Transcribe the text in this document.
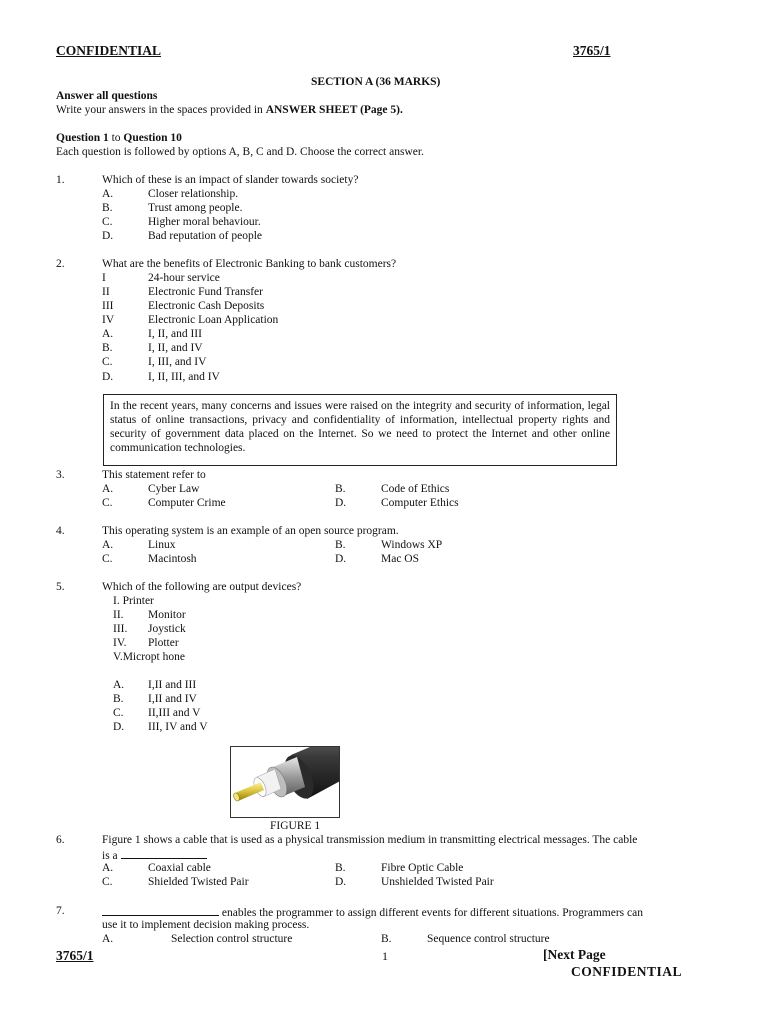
CONFIDENTIAL	3765/1
SECTION A (36 MARKS)
Answer all questions
Write your answers in the spaces provided in ANSWER SHEET (Page 5).
Question 1 to Question 10
Each question is followed by options A, B, C and D. Choose the correct answer.
1.	Which of these is an impact of slander towards society?
A.	Closer relationship.
B.	Trust among people.
C.	Higher moral behaviour.
D.	Bad reputation of people
2.	What are the benefits of Electronic Banking to bank customers?
I	24-hour service
II	Electronic Fund Transfer
III	Electronic Cash Deposits
IV	Electronic Loan Application
A.	I, II, and III
B.	I, II, and IV
C.	I, III, and IV
D.	I, II, III, and IV
In the recent years, many concerns and issues were raised on the integrity and security of information, legal status of online transactions, privacy and confidentiality of information, intellectual property rights and security of government data placed on the Internet. So we need to protect the Internet and other online communication technologies.
3.	This statement refer to
A.	Cyber Law	B.	Code of Ethics
C.	Computer Crime	D.	Computer Ethics
4.	This operating system is an example of an open source program.
A.	Linux	B.	Windows XP
C.	Macintosh	D.	Mac OS
5.	Which of the following are output devices?
I. Printer
II. Monitor
III. Joystick
IV. Plotter
V.Micropt hone
A. I,II and III
B. I,II and IV
C. II,III and V
D. III, IV and V
FIGURE 1
6.	Figure 1 shows a cable that is used as a physical transmission medium in transmitting electrical messages. The cable
is a
A.	Coaxial cable	B.	Fibre Optic Cable
C.	Shielded Twisted Pair	D.	Unshielded Twisted Pair
7.	enables the programmer to assign different events for different situations. Programmers can
use it to implement decision making process.
A.	Selection control structure	B.	Sequence control structure
3765/1	1	[Next Page
CONFIDENTIAL
